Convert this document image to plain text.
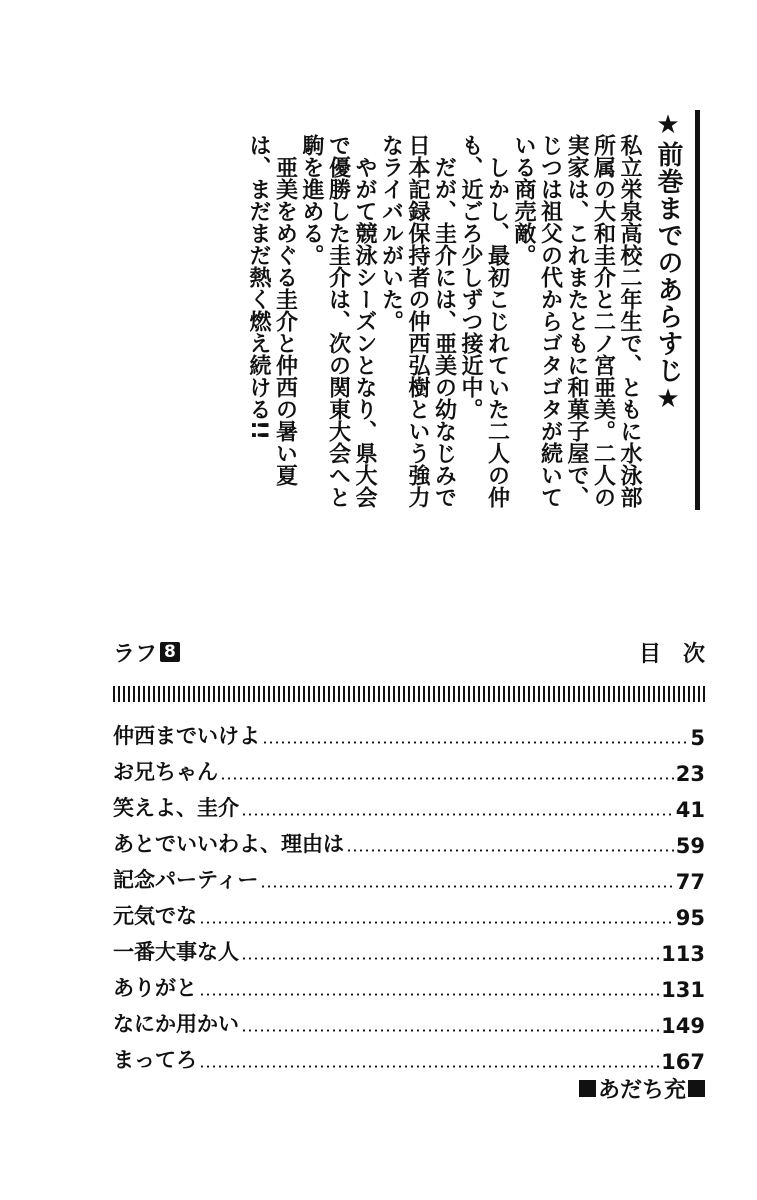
★前巻までのあらすじ★

私立栄泉高校二年生で、ともに水泳部所属の大和圭介と二ノ宮亜美。二人の実家は、これまたともに和菓子屋で、じつは祖父の代からゴタゴタが続いている商売敵。

しかし、最初こじれていた二人の仲も、近ごろ少しずつ接近中。

だが、圭介には、亜美の幼なじみで日本記録保持者の仲西弘樹という強力なライバルがいた。

やがて競泳シーズンとなり、県大会で優勝した圭介は、次の関東大会へと駒を進める。

亜美をめぐる圭介と仲西の暑い夏は、まだまだ熱く燃え続ける!!

ラフ 8	目次
仲西までいけよ	5
お兄ちゃん	23
笑えよ、圭介	41
あとでいいわよ、理由は	59
記念パーティー	77
元気でな	95
一番大事な人	113
ありがと	131
なにか用かい	149
まってろ	167
あだち充
